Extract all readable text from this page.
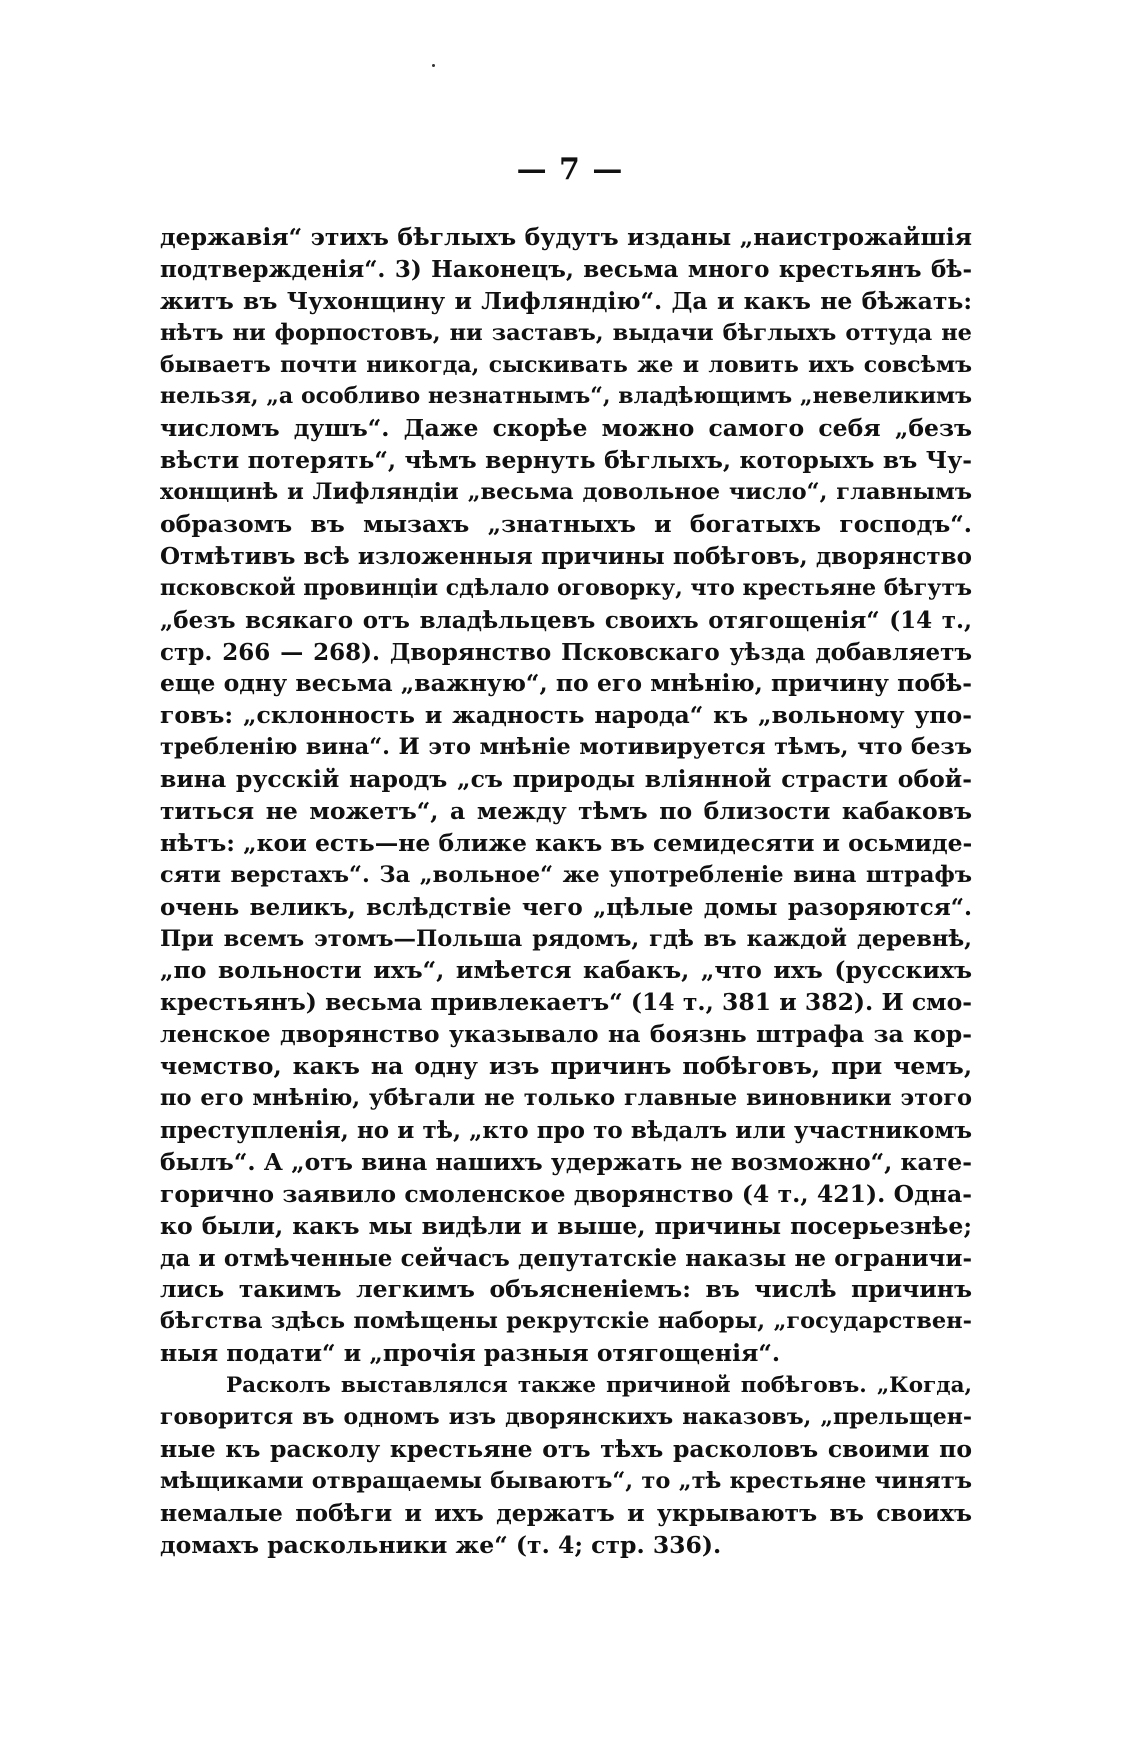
— 7 —
державія“ этихъ бѣглыхъ будутъ изданы „наистрожайшія
подтвержденія“. 3) Наконецъ, весьма много крестьянъ бѣ-
житъ въ Чухонщину и Лифляндію“. Да и какъ не бѣжать:
нѣтъ ни форпостовъ, ни заставъ, выдачи бѣглыхъ оттуда не
бываетъ почти никогда, сыскивать же и ловить ихъ совсѣмъ
нельзя, „а особливо незнатнымъ“, владѣющимъ „невеликимъ
числомъ душъ“. Даже скорѣе можно самого себя „безъ
вѣсти потерять“, чѣмъ вернуть бѣглыхъ, которыхъ въ Чу-
хонщинѣ и Лифляндіи „весьма довольное число“, главнымъ
образомъ въ мызахъ „знатныхъ и богатыхъ господъ“.
Отмѣтивъ всѣ изложенныя причины побѣговъ, дворянство
псковской провинціи сдѣлало оговорку, что крестьяне бѣгутъ
„безъ всякаго отъ владѣльцевъ своихъ отягощенія“ (14 т.,
стр. 266 — 268). Дворянство Псковскаго уѣзда добавляетъ
еще одну весьма „важную“, по его мнѣнію, причину побѣ-
говъ: „склонность и жадность народа“ къ „вольному упо-
требленію вина“. И это мнѣніе мотивируется тѣмъ, что безъ
вина русскій народъ „съ природы вліянной страсти обой-
титься не можетъ“, а между тѣмъ по близости кабаковъ
нѣтъ: „кои есть—не ближе какъ въ семидесяти и осьмиде-
сяти верстахъ“. За „вольное“ же употребленіе вина штрафъ
очень великъ, вслѣдствіе чего „цѣлые домы разоряются“.
При всемъ этомъ—Польша рядомъ, гдѣ въ каждой деревнѣ,
„по вольности ихъ“, имѣется кабакъ, „что ихъ (русскихъ
крестьянъ) весьма привлекаетъ“ (14 т., 381 и 382). И смо-
ленское дворянство указывало на боязнь штрафа за кор-
чемство, какъ на одну изъ причинъ побѣговъ, при чемъ,
по его мнѣнію, убѣгали не только главные виновники этого
преступленія, но и тѣ, „кто про то вѣдалъ или участникомъ
былъ“. А „отъ вина нашихъ удержать не возможно“, кате-
горично заявило смоленское дворянство (4 т., 421). Одна-
ко были, какъ мы видѣли и выше, причины посерьезнѣе;
да и отмѣченные сейчасъ депутатскіе наказы не ограничи-
лись такимъ легкимъ объясненіемъ: въ числѣ причинъ
бѣгства здѣсь помѣщены рекрутскіе наборы, „государствен-
ныя подати“ и „прочія разныя отягощенія“.
Расколъ выставлялся также причиной побѣговъ. „Когда,
говорится въ одномъ изъ дворянскихъ наказовъ, „прельщен-
ные къ расколу крестьяне отъ тѣхъ расколовъ своими по
мѣщиками отвращаемы бываютъ“, то „тѣ крестьяне чинятъ
немалые побѣги и ихъ держатъ и укрываютъ въ своихъ
домахъ раскольники же“ (т. 4; стр. 336).
